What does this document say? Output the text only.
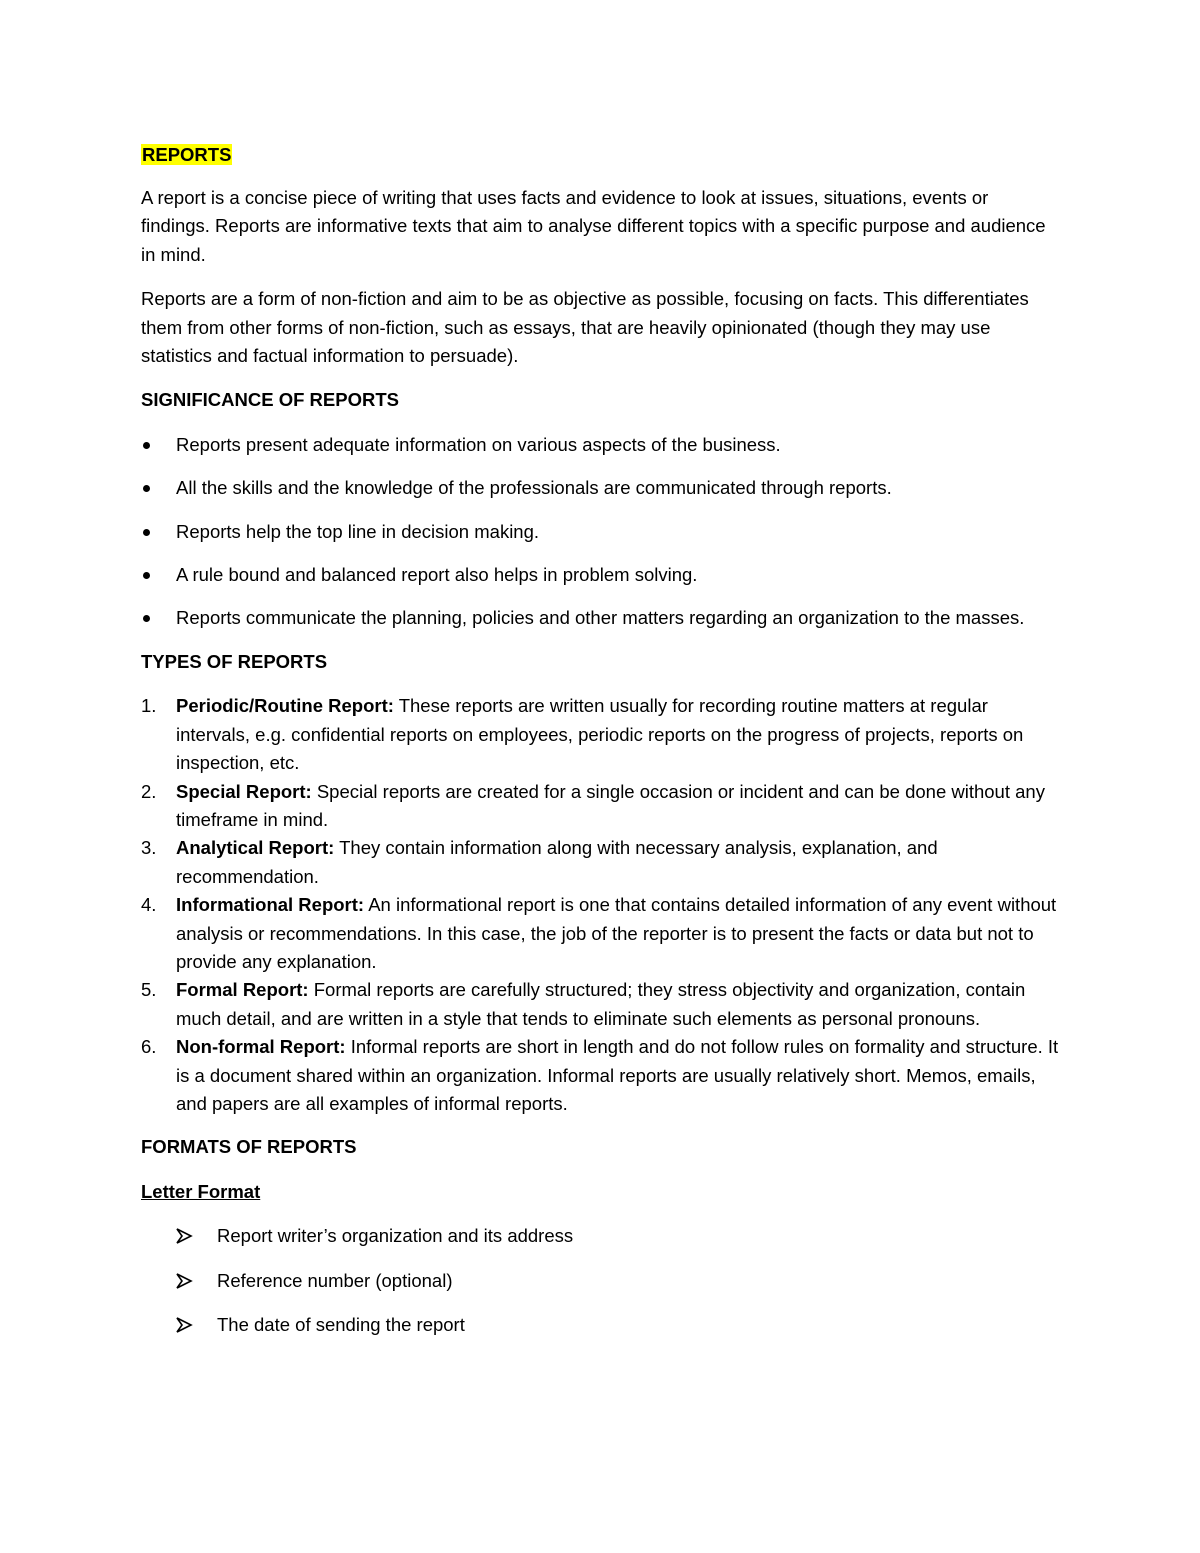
REPORTS

A report is a concise piece of writing that uses facts and evidence to look at issues, situations, events or findings. Reports are informative texts that aim to analyse different topics with a specific purpose and audience in mind.

Reports are a form of non-fiction and aim to be as objective as possible, focusing on facts. This differentiates them from other forms of non-fiction, such as essays, that are heavily opinionated (though they may use statistics and factual information to persuade).

SIGNIFICANCE OF REPORTS
Reports present adequate information on various aspects of the business.
All the skills and the knowledge of the professionals are communicated through reports.
Reports help the top line in decision making.
A rule bound and balanced report also helps in problem solving.
Reports communicate the planning, policies and other matters regarding an organization to the masses.
TYPES OF REPORTS
1. Periodic/Routine Report: These reports are written usually for recording routine matters at regular intervals, e.g. confidential reports on employees, periodic reports on the progress of projects, reports on inspection, etc.
2. Special Report: Special reports are created for a single occasion or incident and can be done without any timeframe in mind.
3. Analytical Report: They contain information along with necessary analysis, explanation, and recommendation.
4. Informational Report: An informational report is one that contains detailed information of any event without analysis or recommendations. In this case, the job of the reporter is to present the facts or data but not to provide any explanation.
5. Formal Report: Formal reports are carefully structured; they stress objectivity and organization, contain much detail, and are written in a style that tends to eliminate such elements as personal pronouns.
6. Non-formal Report: Informal reports are short in length and do not follow rules on formality and structure. It is a document shared within an organization. Informal reports are usually relatively short. Memos, emails, and papers are all examples of informal reports.
FORMATS OF REPORTS
Letter Format
Report writer’s organization and its address
Reference number (optional)
The date of sending the report
